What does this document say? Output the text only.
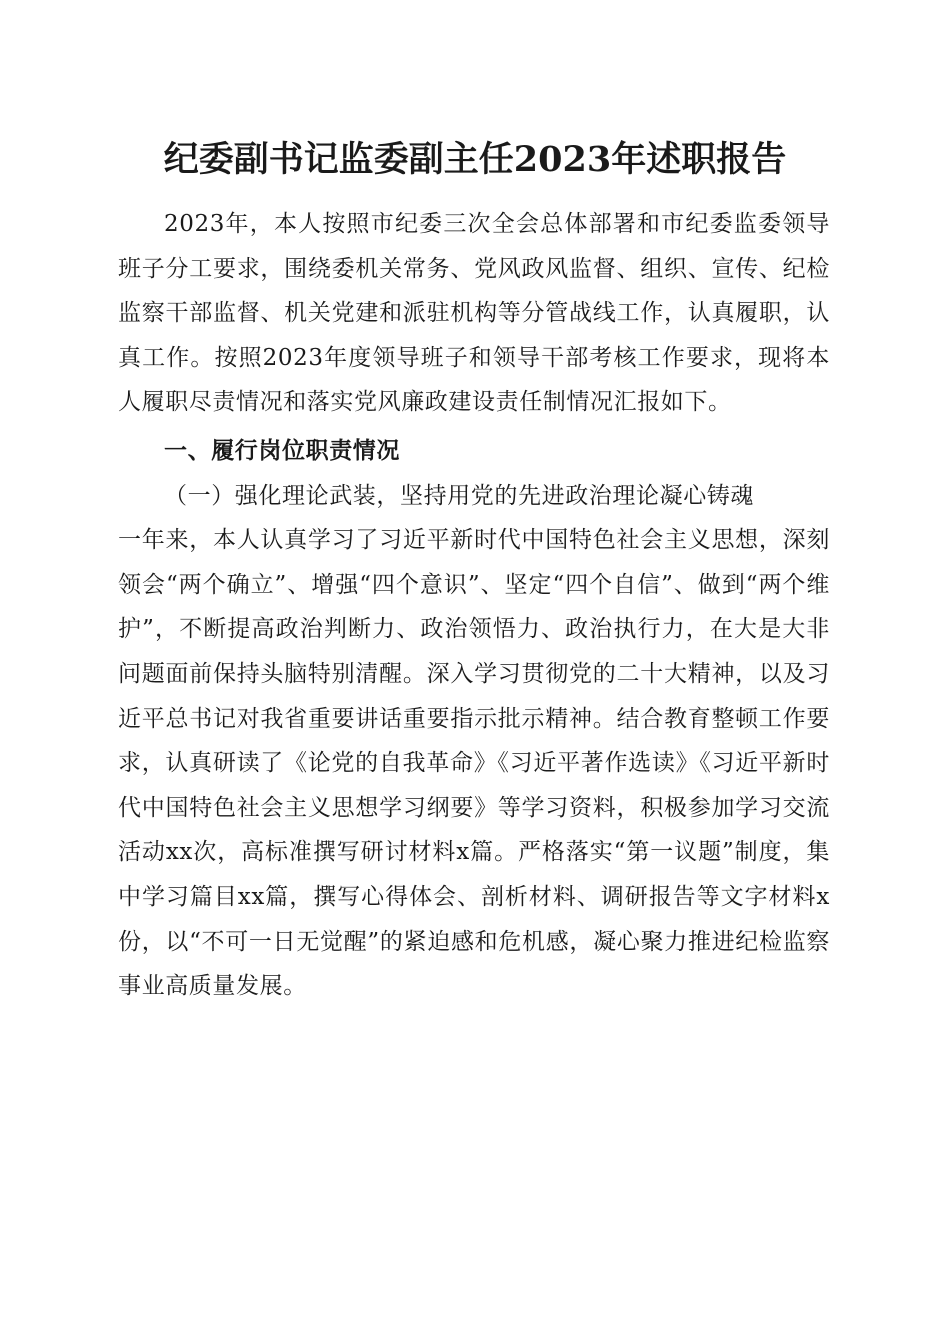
纪委副书记监委副主任2023年述职报告

2023年，本人按照市纪委三次全会总体部署和市纪委监委领导班子分工要求，围绕委机关常务、党风政风监督、组织、宣传、纪检监察干部监督、机关党建和派驻机构等分管战线工作，认真履职，认真工作。按照2023年度领导班子和领导干部考核工作要求，现将本人履职尽责情况和落实党风廉政建设责任制情况汇报如下。

一、履行岗位职责情况

（一）强化理论武装，坚持用党的先进政治理论凝心铸魂

一年来，本人认真学习了习近平新时代中国特色社会主义思想，深刻领会“两个确立”、增强“四个意识”、坚定“四个自信”、做到“两个维护”，不断提高政治判断力、政治领悟力、政治执行力，在大是大非问题面前保持头脑特别清醒。深入学习贯彻党的二十大精神，以及习近平总书记对我省重要讲话重要指示批示精神。结合教育整顿工作要求，认真研读了《论党的自我革命》《习近平著作选读》《习近平新时代中国特色社会主义思想学习纲要》等学习资料，积极参加学习交流活动xx次，高标准撰写研讨材料x篇。严格落实“第一议题”制度，集中学习篇目xx篇，撰写心得体会、剖析材料、调研报告等文字材料x份，以“不可一日无觉醒”的紧迫感和危机感，凝心聚力推进纪检监察事业高质量发展。
